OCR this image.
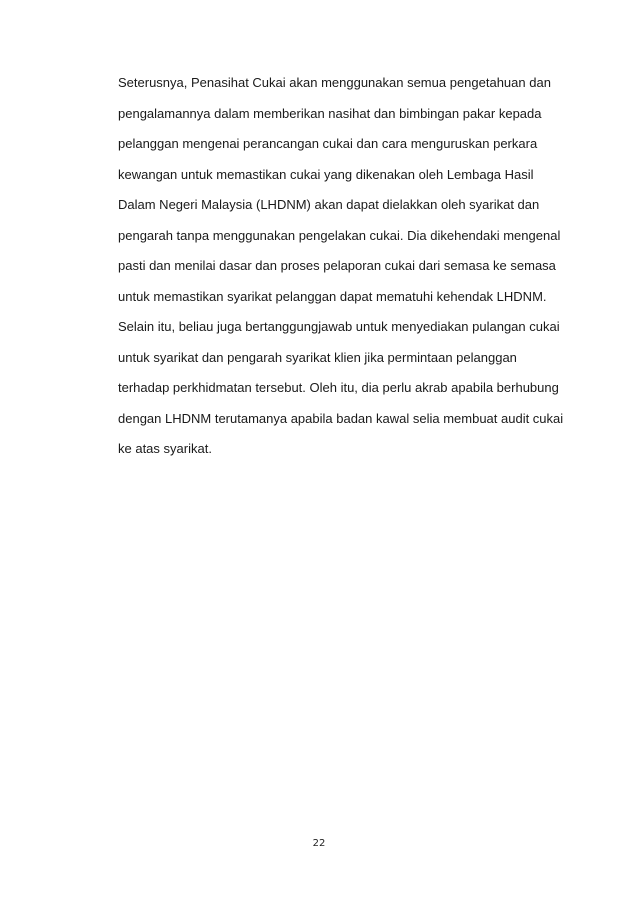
Seterusnya, Penasihat Cukai akan menggunakan semua pengetahuan dan
pengalamannya dalam memberikan nasihat dan bimbingan pakar kepada
pelanggan mengenai perancangan cukai dan cara menguruskan perkara
kewangan untuk memastikan cukai yang dikenakan oleh Lembaga Hasil
Dalam Negeri Malaysia (LHDNM) akan dapat dielakkan oleh syarikat dan
pengarah tanpa menggunakan pengelakan cukai. Dia dikehendaki mengenal
pasti dan menilai dasar dan proses pelaporan cukai dari semasa ke semasa
untuk memastikan syarikat pelanggan dapat mematuhi kehendak LHDNM.
Selain itu, beliau juga bertanggungjawab untuk menyediakan pulangan cukai
untuk syarikat dan pengarah syarikat klien jika permintaan pelanggan
terhadap perkhidmatan tersebut. Oleh itu, dia perlu akrab apabila berhubung
dengan LHDNM terutamanya apabila badan kawal selia membuat audit cukai
ke atas syarikat.
22
